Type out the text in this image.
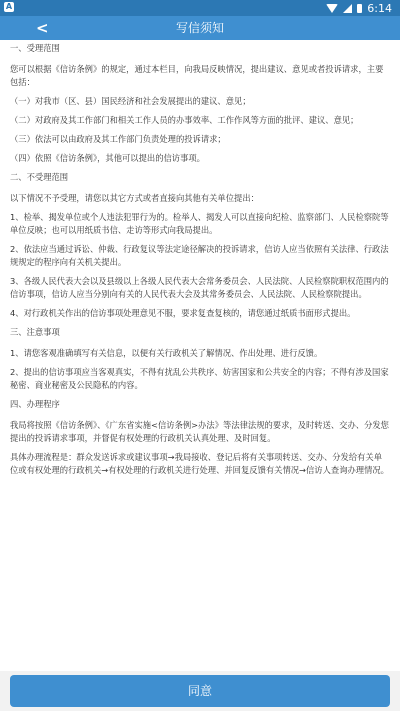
A	6:14
写信须知
<

一、受理范围

您可以根据《信访条例》的规定，通过本栏目，向我局反映情况，提出建议、意见或者投诉请求，主要包括：

（一）对我市（区、县）国民经济和社会发展提出的建议、意见；

（二）对政府及其工作部门和相关工作人员的办事效率、工作作风等方面的批评、建议、意见；

（三）依法可以由政府及其工作部门负责处理的投诉请求；

（四）依照《信访条例》，其他可以提出的信访事项。

二、不受理范围

以下情况不予受理，请您以其它方式或者直接向其他有关单位提出：

1、检举、揭发单位或个人违法犯罪行为的。检举人、揭发人可以直接向纪检、监察部门、人民检察院等单位反映；也可以用纸质书信、走访等形式向我局提出。

2、依法应当通过诉讼、仲裁、行政复议等法定途径解决的投诉请求，信访人应当依照有关法律、行政法规规定的程序向有关机关提出。

3、各级人民代表大会以及县级以上各级人民代表大会常务委员会、人民法院、人民检察院职权范围内的信访事项，信访人应当分别向有关的人民代表大会及其常务委员会、人民法院、人民检察院提出。

4、对行政机关作出的信访事项处理意见不服，要求复查复核的，请您通过纸质书面形式提出。

三、注意事项

1、请您客观准确填写有关信息，以便有关行政机关了解情况、作出处理、进行反馈。

2、提出的信访事项应当客观真实，不得有扰乱公共秩序、妨害国家和公共安全的内容；不得有涉及国家秘密、商业秘密及公民隐私的内容。

四、办理程序

我局将按照《信访条例》、《广东省实施<信访条例>办法》等法律法规的要求，及时转送、交办、分发您提出的投诉请求事项，并督促有权处理的行政机关认真处理、及时回复。

具体办理流程是：群众发送诉求或建议事项→我局接收、登记后将有关事项转送、交办、分发给有关单位或有权处理的行政机关→有权处理的行政机关进行处理、并回复反馈有关情况→信访人查询办理情况。

同意
